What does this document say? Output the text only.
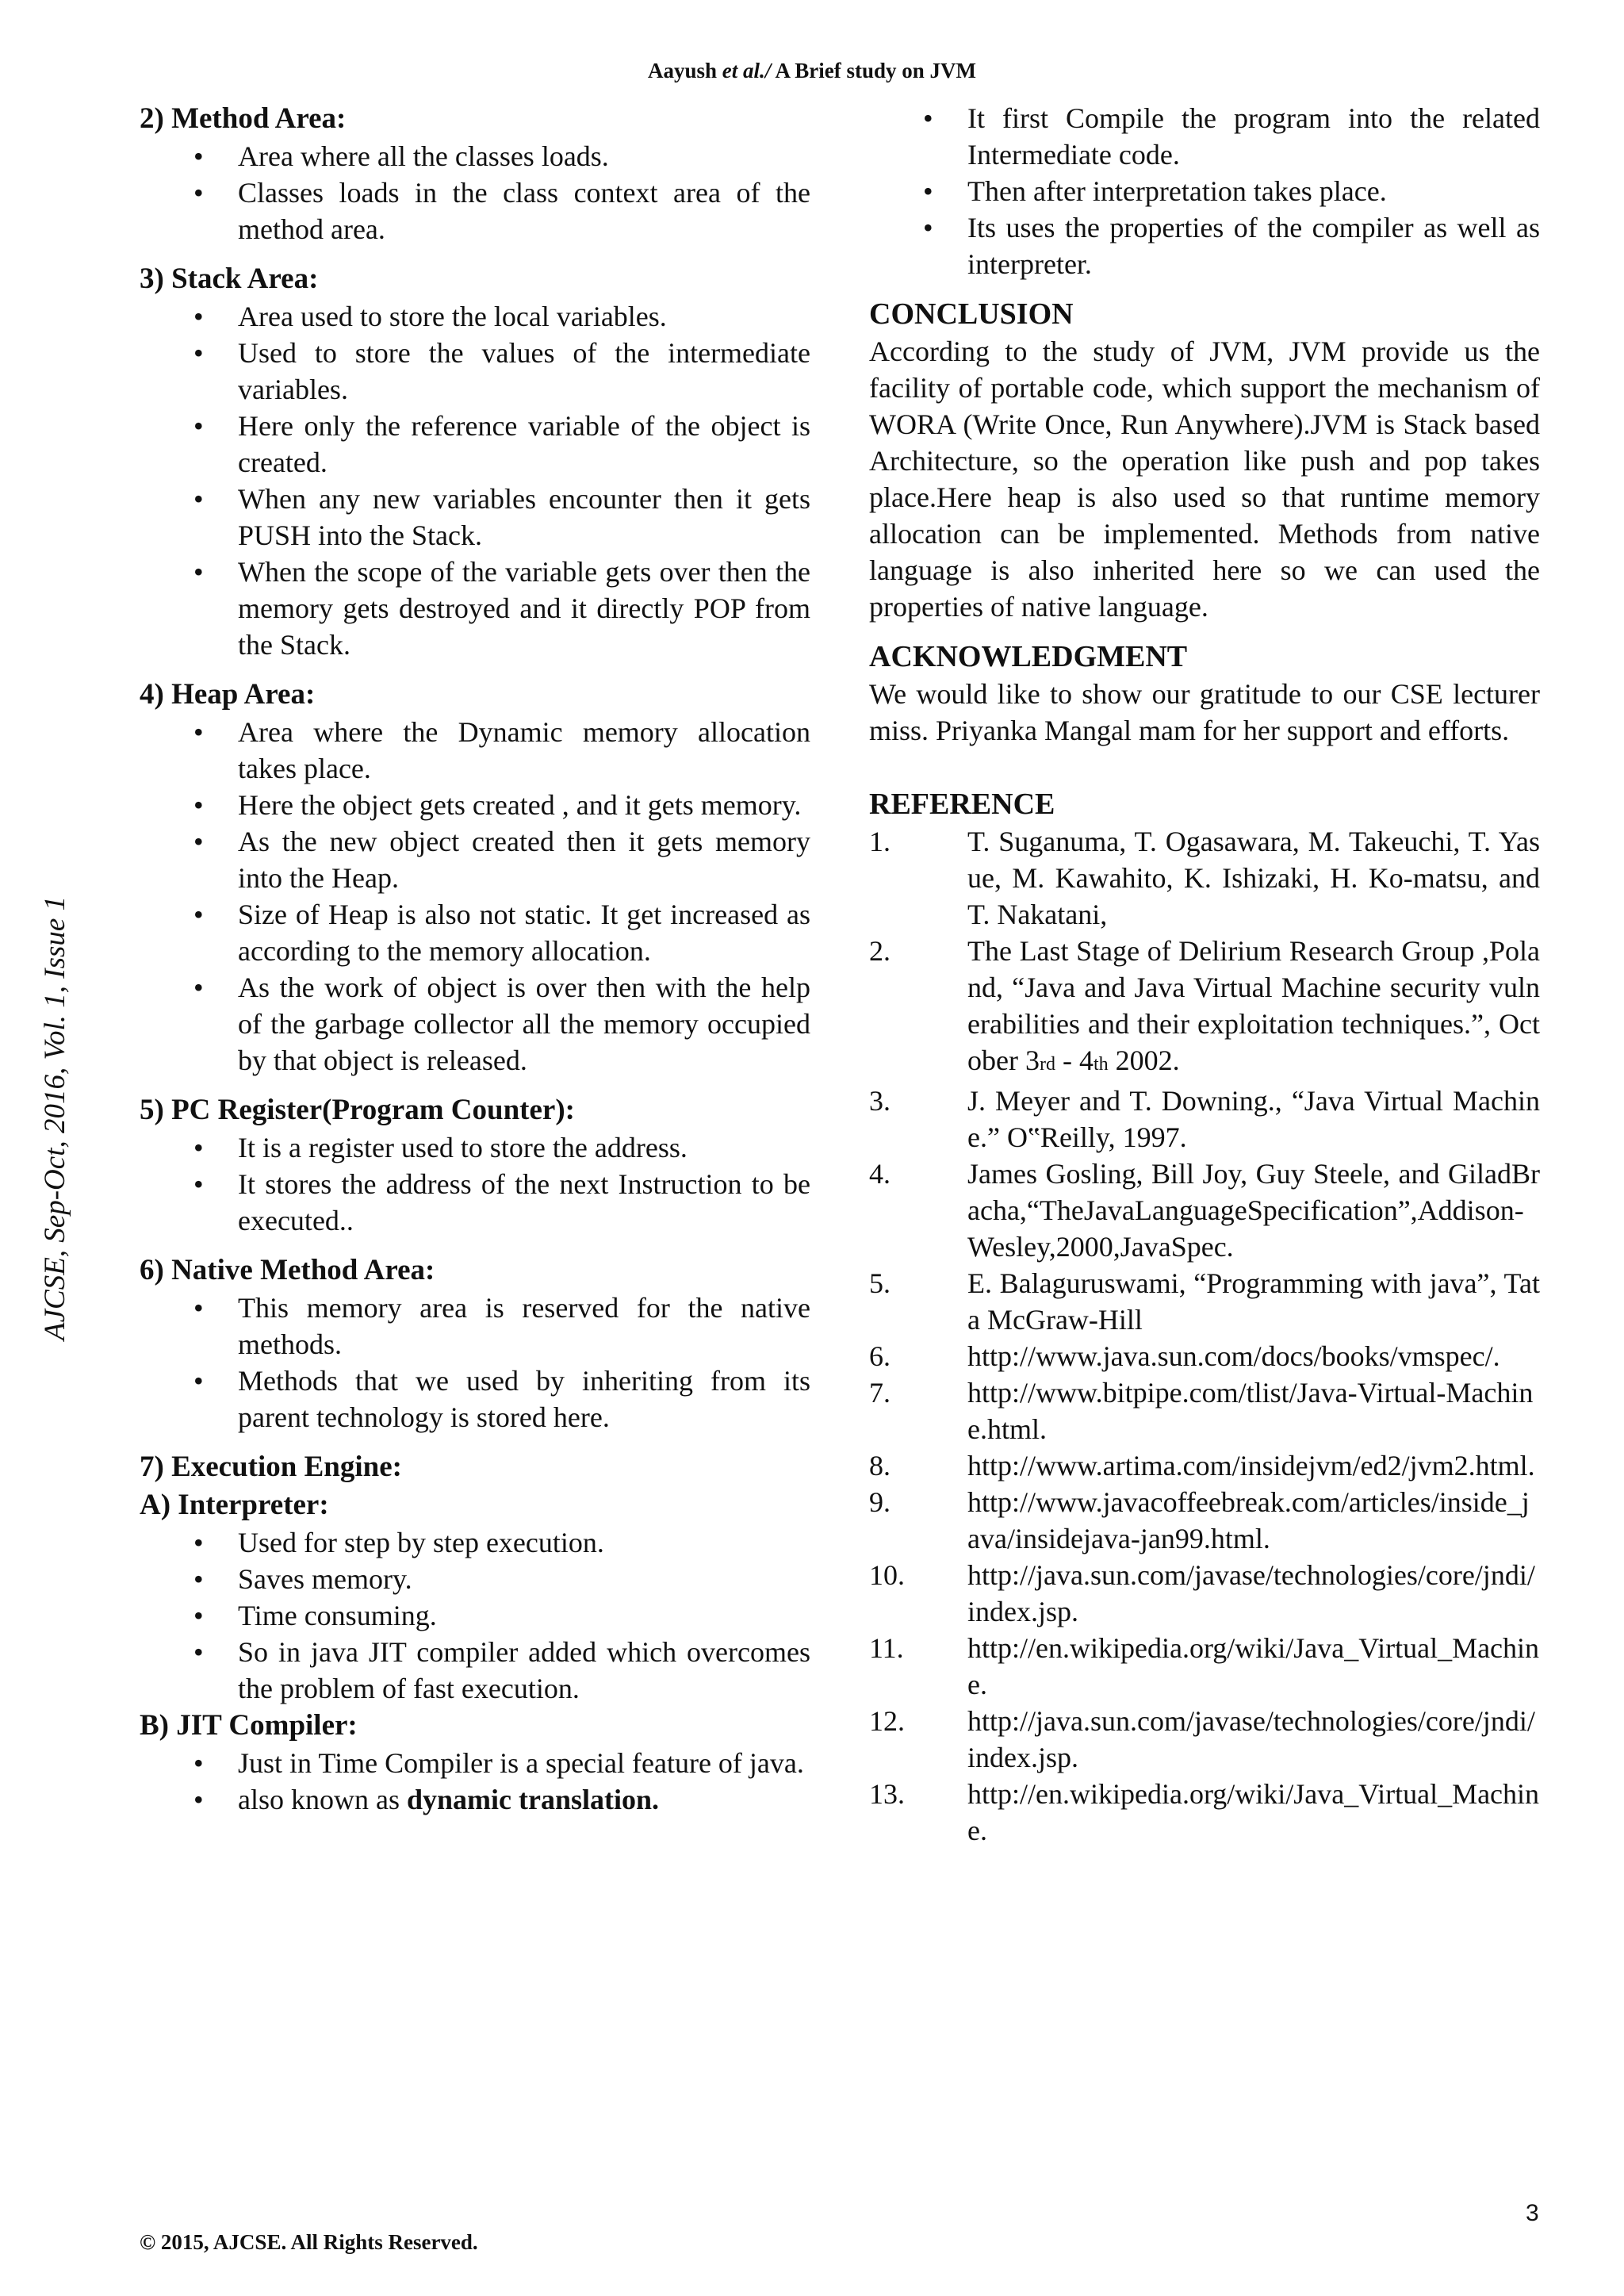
Aayush et al./ A Brief study on JVM
AJCSE, Sep-Oct, 2016, Vol. 1, Issue 1
2) Method Area:
• Area where all the classes loads.
• Classes loads in the class context area of the method area.
3) Stack Area:
• Area used to store the local variables.
• Used to store the values of the intermediate variables.
• Here only the reference variable of the object is created.
• When any new variables encounter then it gets PUSH into the Stack.
• When the scope of the variable gets over then the memory gets destroyed and it directly POP from the Stack.
4) Heap Area:
• Area where the Dynamic memory allocation takes place.
• Here the object gets created , and it gets memory.
• As the new object created then it gets memory into the Heap.
• Size of Heap is also not static. It get increased as according to the memory allocation.
• As the work of object is over then with the help of the garbage collector all the memory occupied by that object is released.
5) PC Register(Program Counter):
• It is a register used to store the address.
• It stores the address of the next Instruction to be executed..
6) Native Method Area:
• This memory area is reserved for the native methods.
• Methods that we used by inheriting from its parent technology is stored here.
7) Execution Engine:
A) Interpreter:
• Used for step by step execution.
• Saves memory.
• Time consuming.
• So in java JIT compiler added which overcomes the problem of fast execution.
B) JIT Compiler:
• Just in Time Compiler is a special feature of java.
• also known as dynamic translation.
• It first Compile the program into the related Intermediate code.
• Then after interpretation takes place.
• Its uses the properties of the compiler as well as interpreter.
CONCLUSION

According to the study of JVM, JVM provide us the facility of portable code, which support the mechanism of WORA (Write Once, Run Anywhere).JVM is Stack based Architecture, so the operation like push and pop takes place.Here heap is also used so that runtime memory allocation can be implemented. Methods from native language is also inherited here so we can used the properties of native language.

ACKNOWLEDGMENT

We would like to show our gratitude to our CSE lecturer miss. Priyanka Mangal mam for her support and efforts.

REFERENCE
1.	T. Suganuma, T. Ogasawara, M. Takeuchi, T. Yasue, M. Kawahito, K. Ishizaki, H. Ko-matsu, and T. Nakatani,
2.	The Last Stage of Delirium Research Group ,Poland, “Java and Java Virtual Machine security vulnerabilities and their exploitation techniques.”, October 3rd - 4th 2002.
3.	J. Meyer and T. Downing., “Java Virtual Machine.” O‟Reilly, 1997.
4.	James Gosling, Bill Joy, Guy Steele, and GiladBracha,“TheJavaLanguageSpecification”,Addison-Wesley,2000,JavaSpec.
5.	E. Balaguruswami, “Programming with java”, Tata McGraw-Hill
6.	http://www.java.sun.com/docs/books/vmspec/.
7.	http://www.bitpipe.com/tlist/Java-Virtual-Machine.html.
8.	http://www.artima.com/insidejvm/ed2/jvm2.html.
9.	http://www.javacoffeebreak.com/articles/inside_java/insidejava-jan99.html.
10.	http://java.sun.com/javase/technologies/core/jndi/index.jsp.
11.	http://en.wikipedia.org/wiki/Java_Virtual_Machine.
12.	http://java.sun.com/javase/technologies/core/jndi/index.jsp.
13.	http://en.wikipedia.org/wiki/Java_Virtual_Machine.
3
© 2015, AJCSE. All Rights Reserved.
